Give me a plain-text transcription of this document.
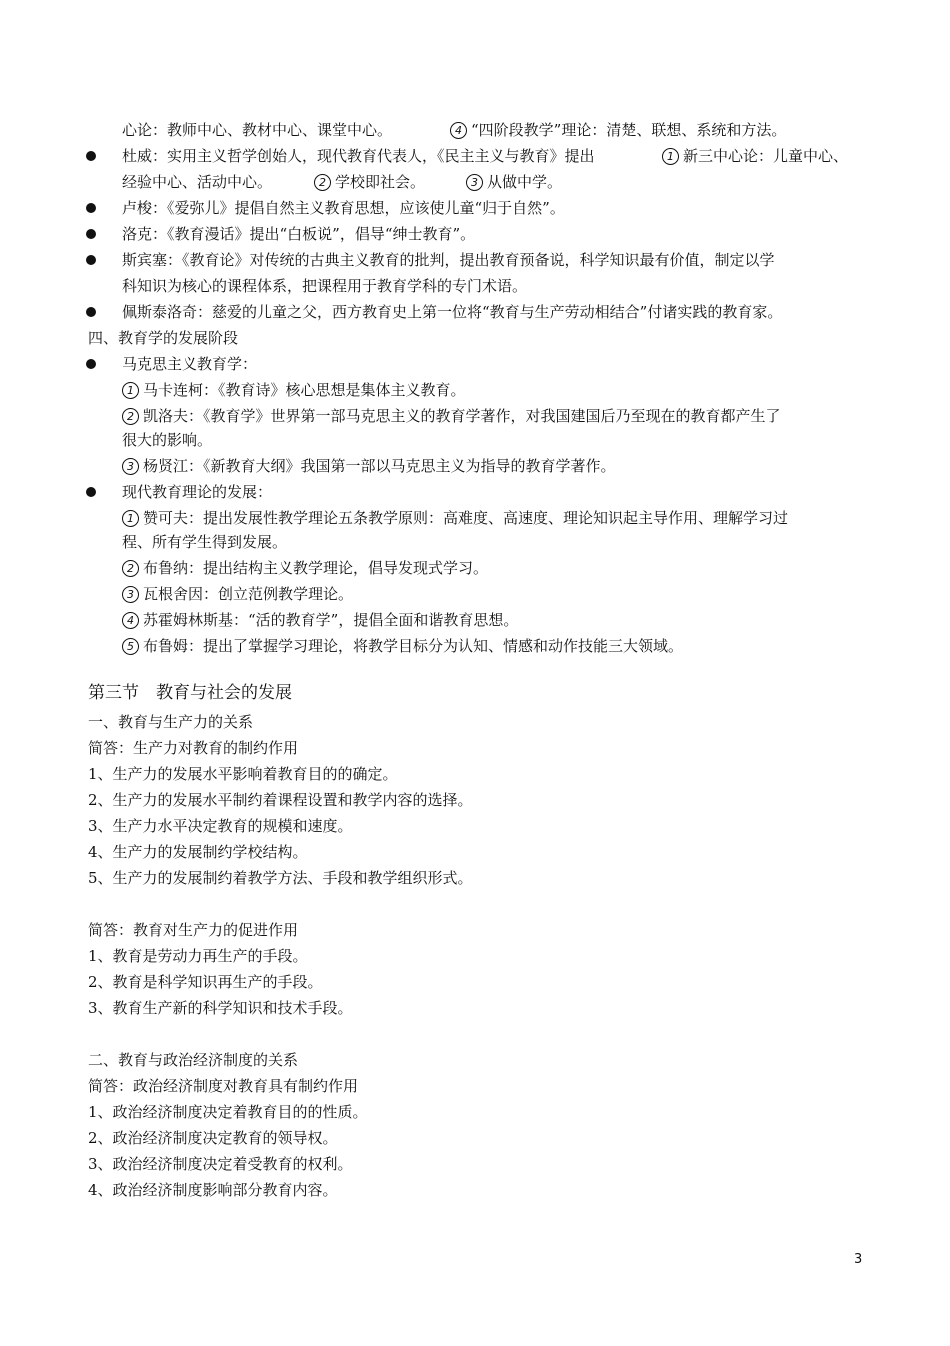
心论：教师中心、教材中心、课堂中心。	4 “四阶段教学”理论：清楚、联想、系统和方法。
杜威：实用主义哲学创始人，现代教育代表人，《民主主义与教育》提出	1 新三中心论：儿童中心、
经验中心、活动中心。	2 学校即社会。	3 从做中学。
卢梭：《爱弥儿》提倡自然主义教育思想，应该使儿童“归于自然”。
洛克：《教育漫话》提出“白板说”，倡导“绅士教育”。
斯宾塞：《教育论》对传统的古典主义教育的批判，提出教育预备说，科学知识最有价值，制定以学
科知识为核心的课程体系，把课程用于教育学科的专门术语。
佩斯泰洛奇：慈爱的儿童之父，西方教育史上第一位将“教育与生产劳动相结合”付诸实践的教育家。
四、教育学的发展阶段
马克思主义教育学：
1 马卡连柯：《教育诗》核心思想是集体主义教育。
2 凯洛夫：《教育学》世界第一部马克思主义的教育学著作，对我国建国后乃至现在的教育都产生了
很大的影响。
3 杨贤江：《新教育大纲》我国第一部以马克思主义为指导的教育学著作。
现代教育理论的发展：
1 赞可夫：提出发展性教学理论五条教学原则：高难度、高速度、理论知识起主导作用、理解学习过
程、所有学生得到发展。
2 布鲁纳：提出结构主义教学理论，倡导发现式学习。
3 瓦根舍因：创立范例教学理论。
4 苏霍姆林斯基：“活的教育学”，提倡全面和谐教育思想。
5 布鲁姆：提出了掌握学习理论，将教学目标分为认知、情感和动作技能三大领域。
第三节　教育与社会的发展
一、教育与生产力的关系
简答：生产力对教育的制约作用
1、生产力的发展水平影响着教育目的的确定。
2、生产力的发展水平制约着课程设置和教学内容的选择。
3、生产力水平决定教育的规模和速度。
4、生产力的发展制约学校结构。
5、生产力的发展制约着教学方法、手段和教学组织形式。
简答：教育对生产力的促进作用
1、教育是劳动力再生产的手段。
2、教育是科学知识再生产的手段。
3、教育生产新的科学知识和技术手段。
二、教育与政治经济制度的关系
简答：政治经济制度对教育具有制约作用
1、政治经济制度决定着教育目的的性质。
2、政治经济制度决定教育的领导权。
3、政治经济制度决定着受教育的权利。
4、政治经济制度影响部分教育内容。
3
